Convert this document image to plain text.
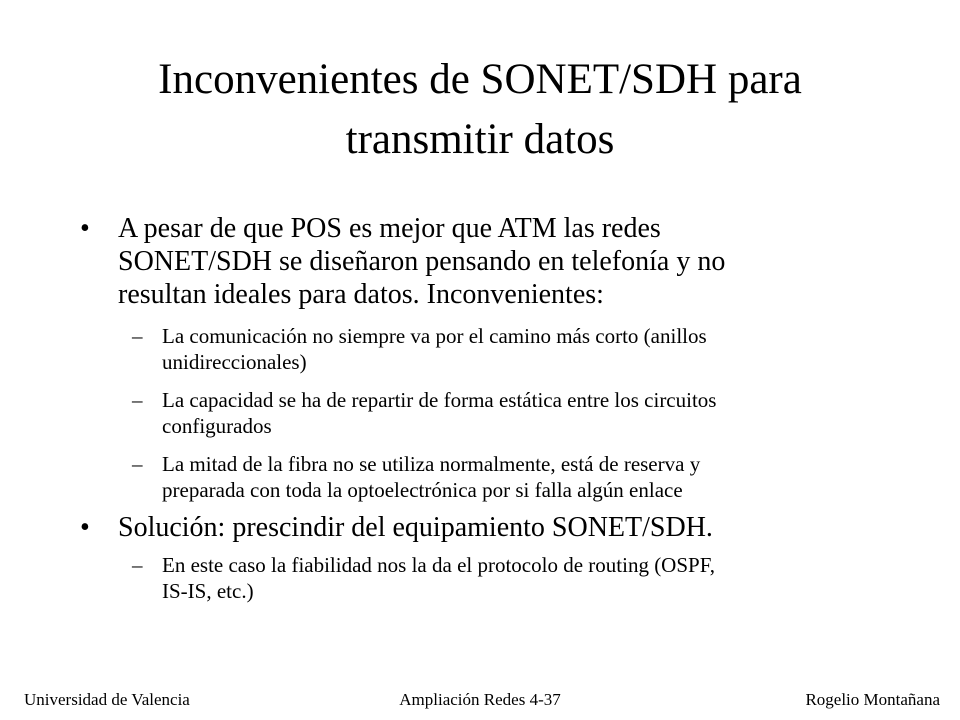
Inconvenientes de SONET/SDH para
transmitir datos
• A pesar de que POS es mejor que ATM las redes
SONET/SDH se diseñaron pensando en telefonía y no
resultan ideales para datos. Inconvenientes:
– La comunicación no siempre va por el camino más corto (anillos
unidireccionales)
– La capacidad se ha de repartir de forma estática entre los circuitos
configurados
– La mitad de la fibra no se utiliza normalmente, está de reserva y
preparada con toda la optoelectrónica por si falla algún enlace
• Solución: prescindir del equipamiento SONET/SDH.
– En este caso la fiabilidad nos la da el protocolo de routing (OSPF,
IS-IS, etc.)
Universidad de Valencia	Ampliación Redes 4-37	Rogelio Montañana
